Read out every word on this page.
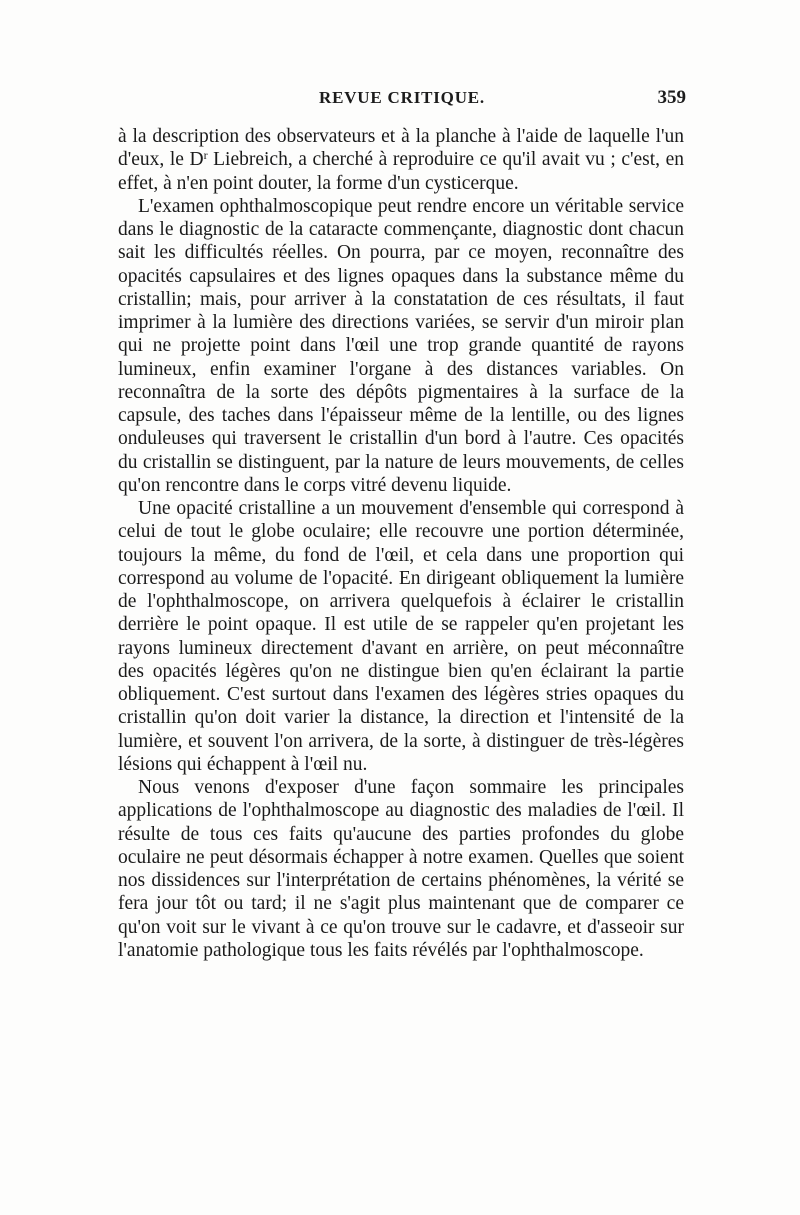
REVUE CRITIQUE.	359

à la description des observateurs et à la planche à l'aide de laquelle l'un d'eux, le $D^r$ Liebreich, a cherché à reproduire ce qu'il avait vu ; c'est, en effet, à n'en point douter, la forme d'un cysticerque.

L'examen ophthalmoscopique peut rendre encore un véritable service dans le diagnostic de la cataracte commençante, diagnostic dont chacun sait les difficultés réelles. On pourra, par ce moyen, reconnaître des opacités capsulaires et des lignes opaques dans la substance même du cristallin; mais, pour arriver à la constatation de ces résultats, il faut imprimer à la lumière des directions variées, se servir d'un miroir plan qui ne projette point dans l'œil une trop grande quantité de rayons lumineux, enfin examiner l'organe à des distances variables. On reconnaîtra de la sorte des dépôts pigmentaires à la surface de la capsule, des taches dans l'épaisseur même de la lentille, ou des lignes onduleuses qui traversent le cristallin d'un bord à l'autre. Ces opacités du cristallin se distinguent, par la nature de leurs mouvements, de celles qu'on rencontre dans le corps vitré devenu liquide.

Une opacité cristalline a un mouvement d'ensemble qui correspond à celui de tout le globe oculaire; elle recouvre une portion déterminée, toujours la même, du fond de l'œil, et cela dans une proportion qui correspond au volume de l'opacité. En dirigeant obliquement la lumière de l'ophthalmoscope, on arrivera quelquefois à éclairer le cristallin derrière le point opaque. Il est utile de se rappeler qu'en projetant les rayons lumineux directement d'avant en arrière, on peut méconnaître des opacités légères qu'on ne distingue bien qu'en éclairant la partie obliquement. C'est surtout dans l'examen des légères stries opaques du cristallin qu'on doit varier la distance, la direction et l'intensité de la lumière, et souvent l'on arrivera, de la sorte, à distinguer de très-légères lésions qui échappent à l'œil nu.

Nous venons d'exposer d'une façon sommaire les principales applications de l'ophthalmoscope au diagnostic des maladies de l'œil. Il résulte de tous ces faits qu'aucune des parties profondes du globe oculaire ne peut désormais échapper à notre examen. Quelles que soient nos dissidences sur l'interprétation de certains phénomènes, la vérité se fera jour tôt ou tard; il ne s'agit plus maintenant que de comparer ce qu'on voit sur le vivant à ce qu'on trouve sur le cadavre, et d'asseoir sur l'anatomie pathologique tous les faits révélés par l'ophthalmoscope.
